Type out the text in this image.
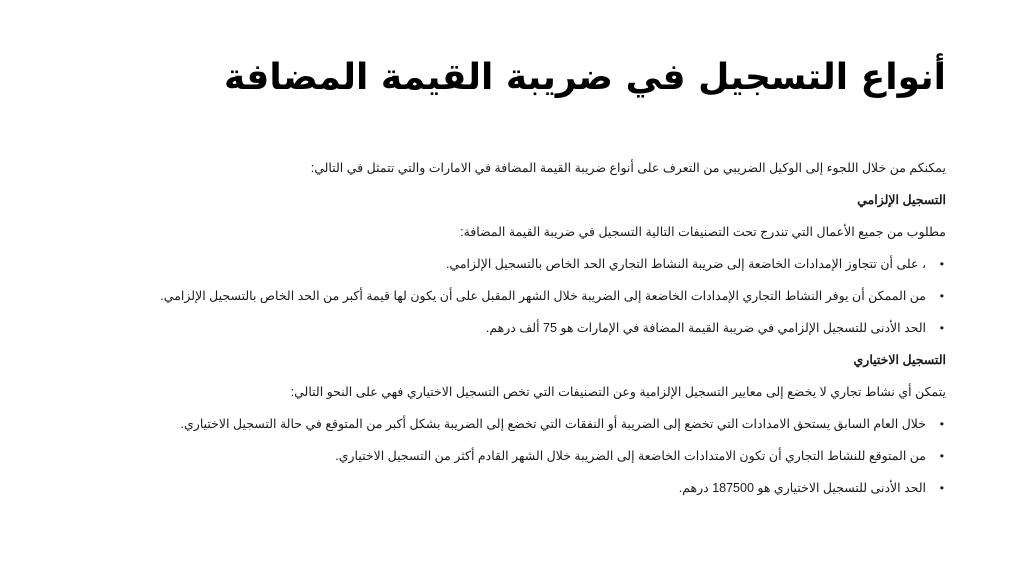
أنواع التسجيل في ضريبة القيمة المضافة
يمكنكم من خلال اللجوء إلى الوكيل الضريبي من التعرف على أنواع ضريبة القيمة المضافة في الامارات والتي تتمثل في التالي:
التسجيل الإلزامي
مطلوب من جميع الأعمال التي تندرج تحت التصنيفات التالية التسجيل في ضريبة القيمة المضافة:
• ، على أن تتجاوز الإمدادات الخاضعة إلى ضريبة النشاط التجاري الحد الخاص بالتسجيل الإلزامي.
• من الممكن أن يوفر النشاط التجاري الإمدادات الخاضعة إلى الضريبة خلال الشهر المقبل على أن يكون لها قيمة أكبر من الحد الخاص بالتسجيل الإلزامي.
• الحد الأدنى للتسجيل الإلزامي في ضريبة القيمة المضافة في الإمارات هو 75 ألف درهم.
التسجيل الاختياري
يتمكن أي نشاط تجاري لا يخضع إلى معايير التسجيل الإلزامية وعن التصنيفات التي تخص التسجيل الاختياري فهي على النحو التالي:
• خلال العام السابق يستحق الامدادات التي تخضع إلى الضريبة أو النفقات التي تخضع إلى الضريبة بشكل أكبر من المتوقع في حالة التسجيل الاختياري.
• من المتوقع للنشاط التجاري أن تكون الامتدادات الخاضعة إلى الضريبة خلال الشهر القادم أكثر من التسجيل الاختياري.
• الحد الأدنى للتسجيل الاختياري هو 187500 درهم.
